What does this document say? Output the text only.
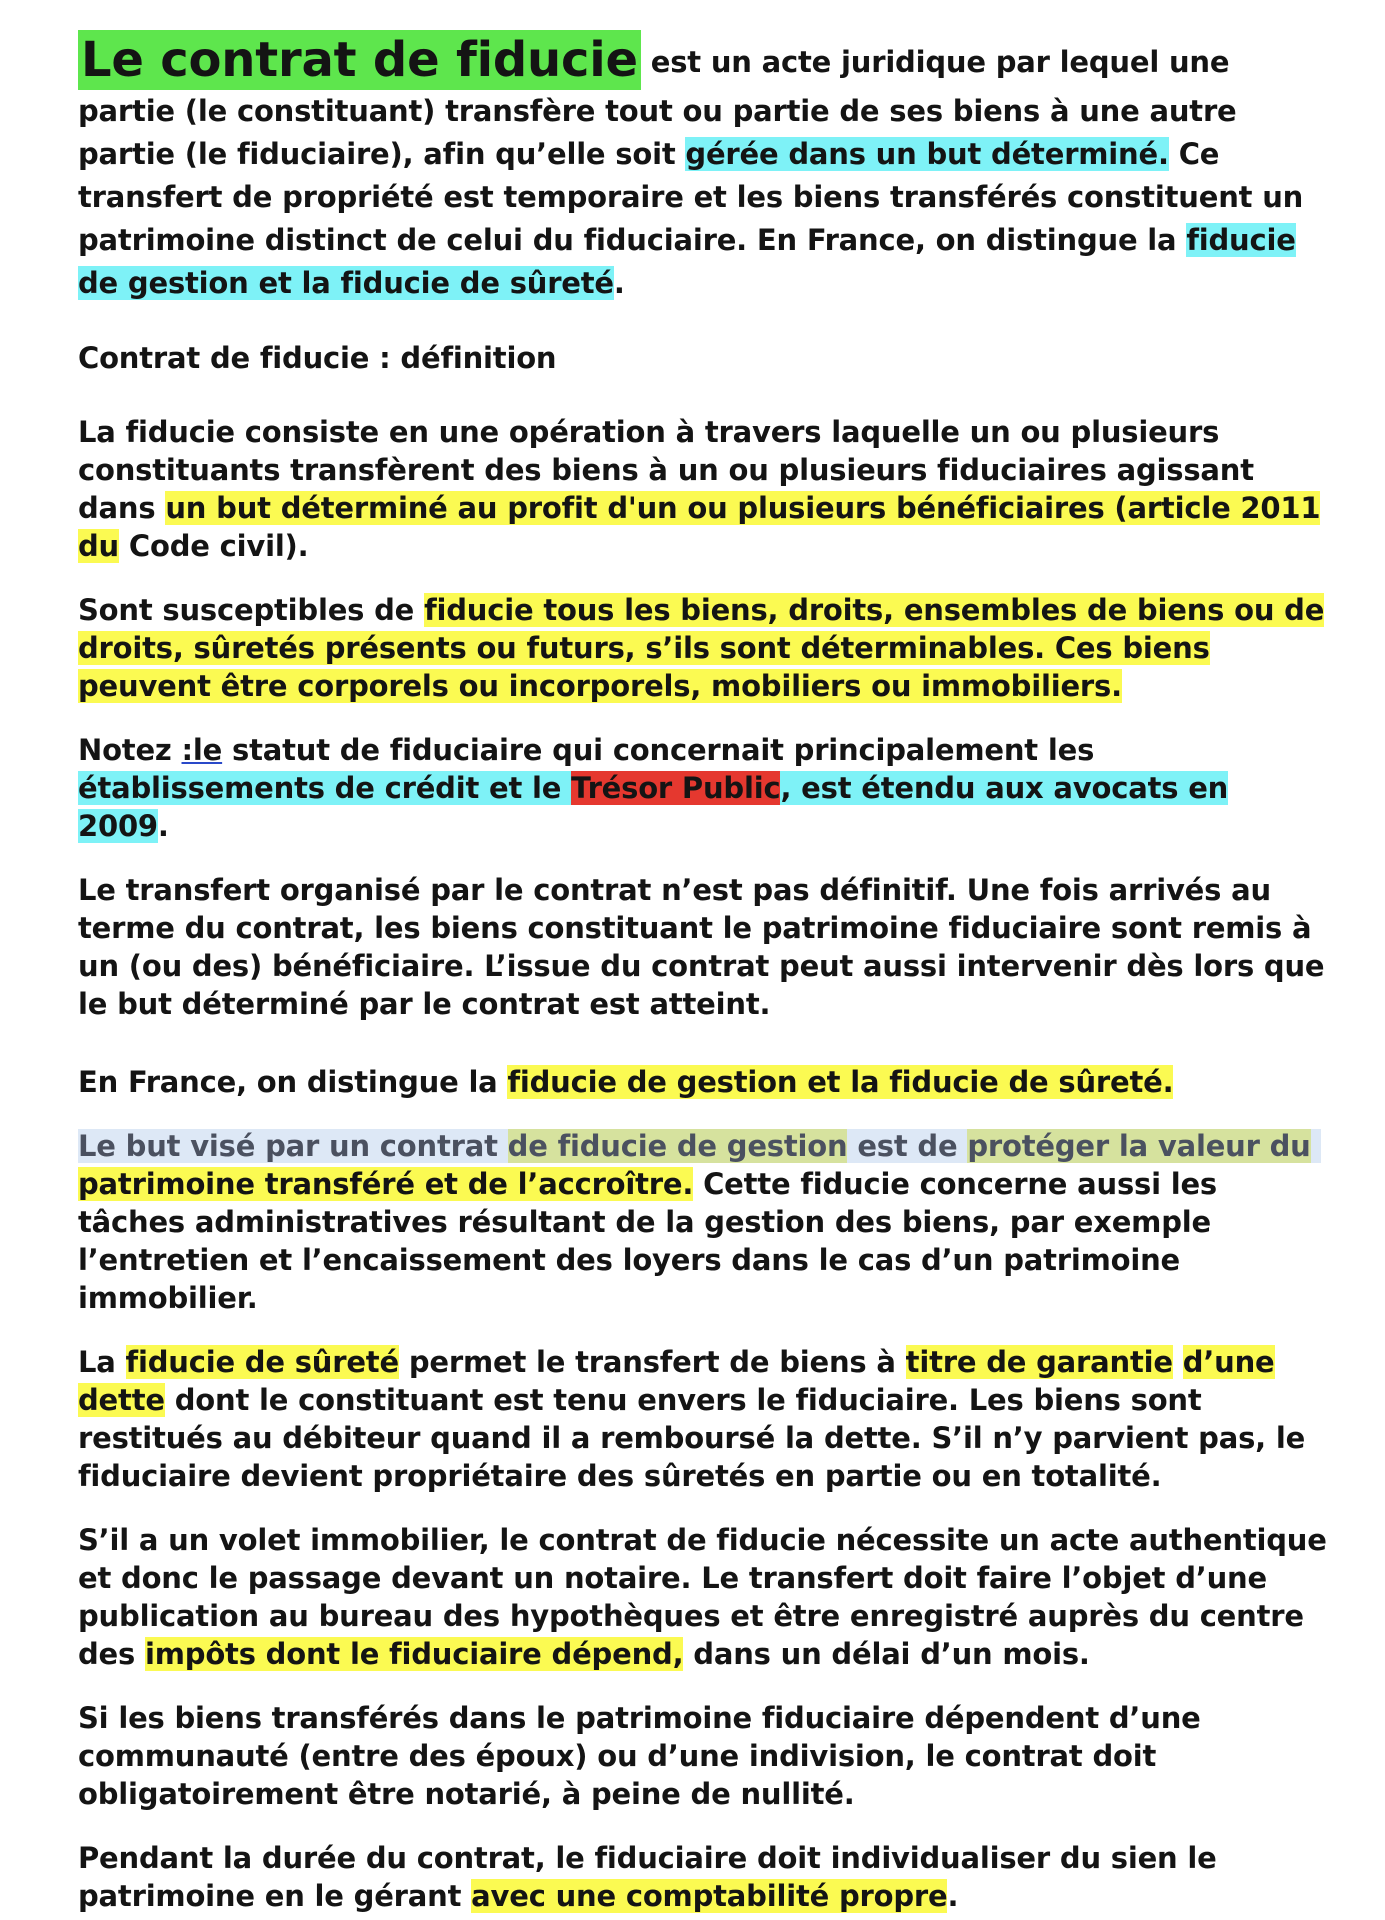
Le contrat de fiducie est un acte juridique par lequel une partie (le constituant) transfère tout ou partie de ses biens à une autre partie (le fiduciaire), afin qu’elle soit gérée dans un but déterminé. Ce transfert de propriété est temporaire et les biens transférés constituent un patrimoine distinct de celui du fiduciaire. En France, on distingue la fiducie de gestion et la fiducie de sûreté.

Contrat de fiducie : définition

La fiducie consiste en une opération à travers laquelle un ou plusieurs constituants transfèrent des biens à un ou plusieurs fiduciaires agissant dans un but déterminé au profit d'un ou plusieurs bénéficiaires (article 2011 du Code civil).

Sont susceptibles de fiducie tous les biens, droits, ensembles de biens ou de droits, sûretés présents ou futurs, s’ils sont déterminables. Ces biens peuvent être corporels ou incorporels, mobiliers ou immobiliers.

Notez :le statut de fiduciaire qui concernait principalement les établissements de crédit et le Trésor Public, est étendu aux avocats en 2009.

Le transfert organisé par le contrat n’est pas définitif. Une fois arrivés au terme du contrat, les biens constituant le patrimoine fiduciaire sont remis à un (ou des) bénéficiaire. L’issue du contrat peut aussi intervenir dès lors que le but déterminé par le contrat est atteint.

En France, on distingue la fiducie de gestion et la fiducie de sûreté.

Le but visé par un contrat de fiducie de gestion est de protéger la valeur du  patrimoine transféré et de l’accroître. Cette fiducie concerne aussi les tâches administratives résultant de la gestion des biens, par exemple l’entretien et l’encaissement des loyers dans le cas d’un patrimoine immobilier.

La fiducie de sûreté permet le transfert de biens à titre de garantie d’une dette dont le constituant est tenu envers le fiduciaire. Les biens sont restitués au débiteur quand il a remboursé la dette. S’il n’y parvient pas, le fiduciaire devient propriétaire des sûretés en partie ou en totalité.

S’il a un volet immobilier, le contrat de fiducie nécessite un acte authentique et donc le passage devant un notaire. Le transfert doit faire l’objet d’une publication au bureau des hypothèques et être enregistré auprès du centre des impôts dont le fiduciaire dépend, dans un délai d’un mois.

Si les biens transférés dans le patrimoine fiduciaire dépendent d’une communauté (entre des époux) ou d’une indivision, le contrat doit obligatoirement être notarié, à peine de nullité.

Pendant la durée du contrat, le fiduciaire doit individualiser du sien le patrimoine en le gérant avec une comptabilité propre.
